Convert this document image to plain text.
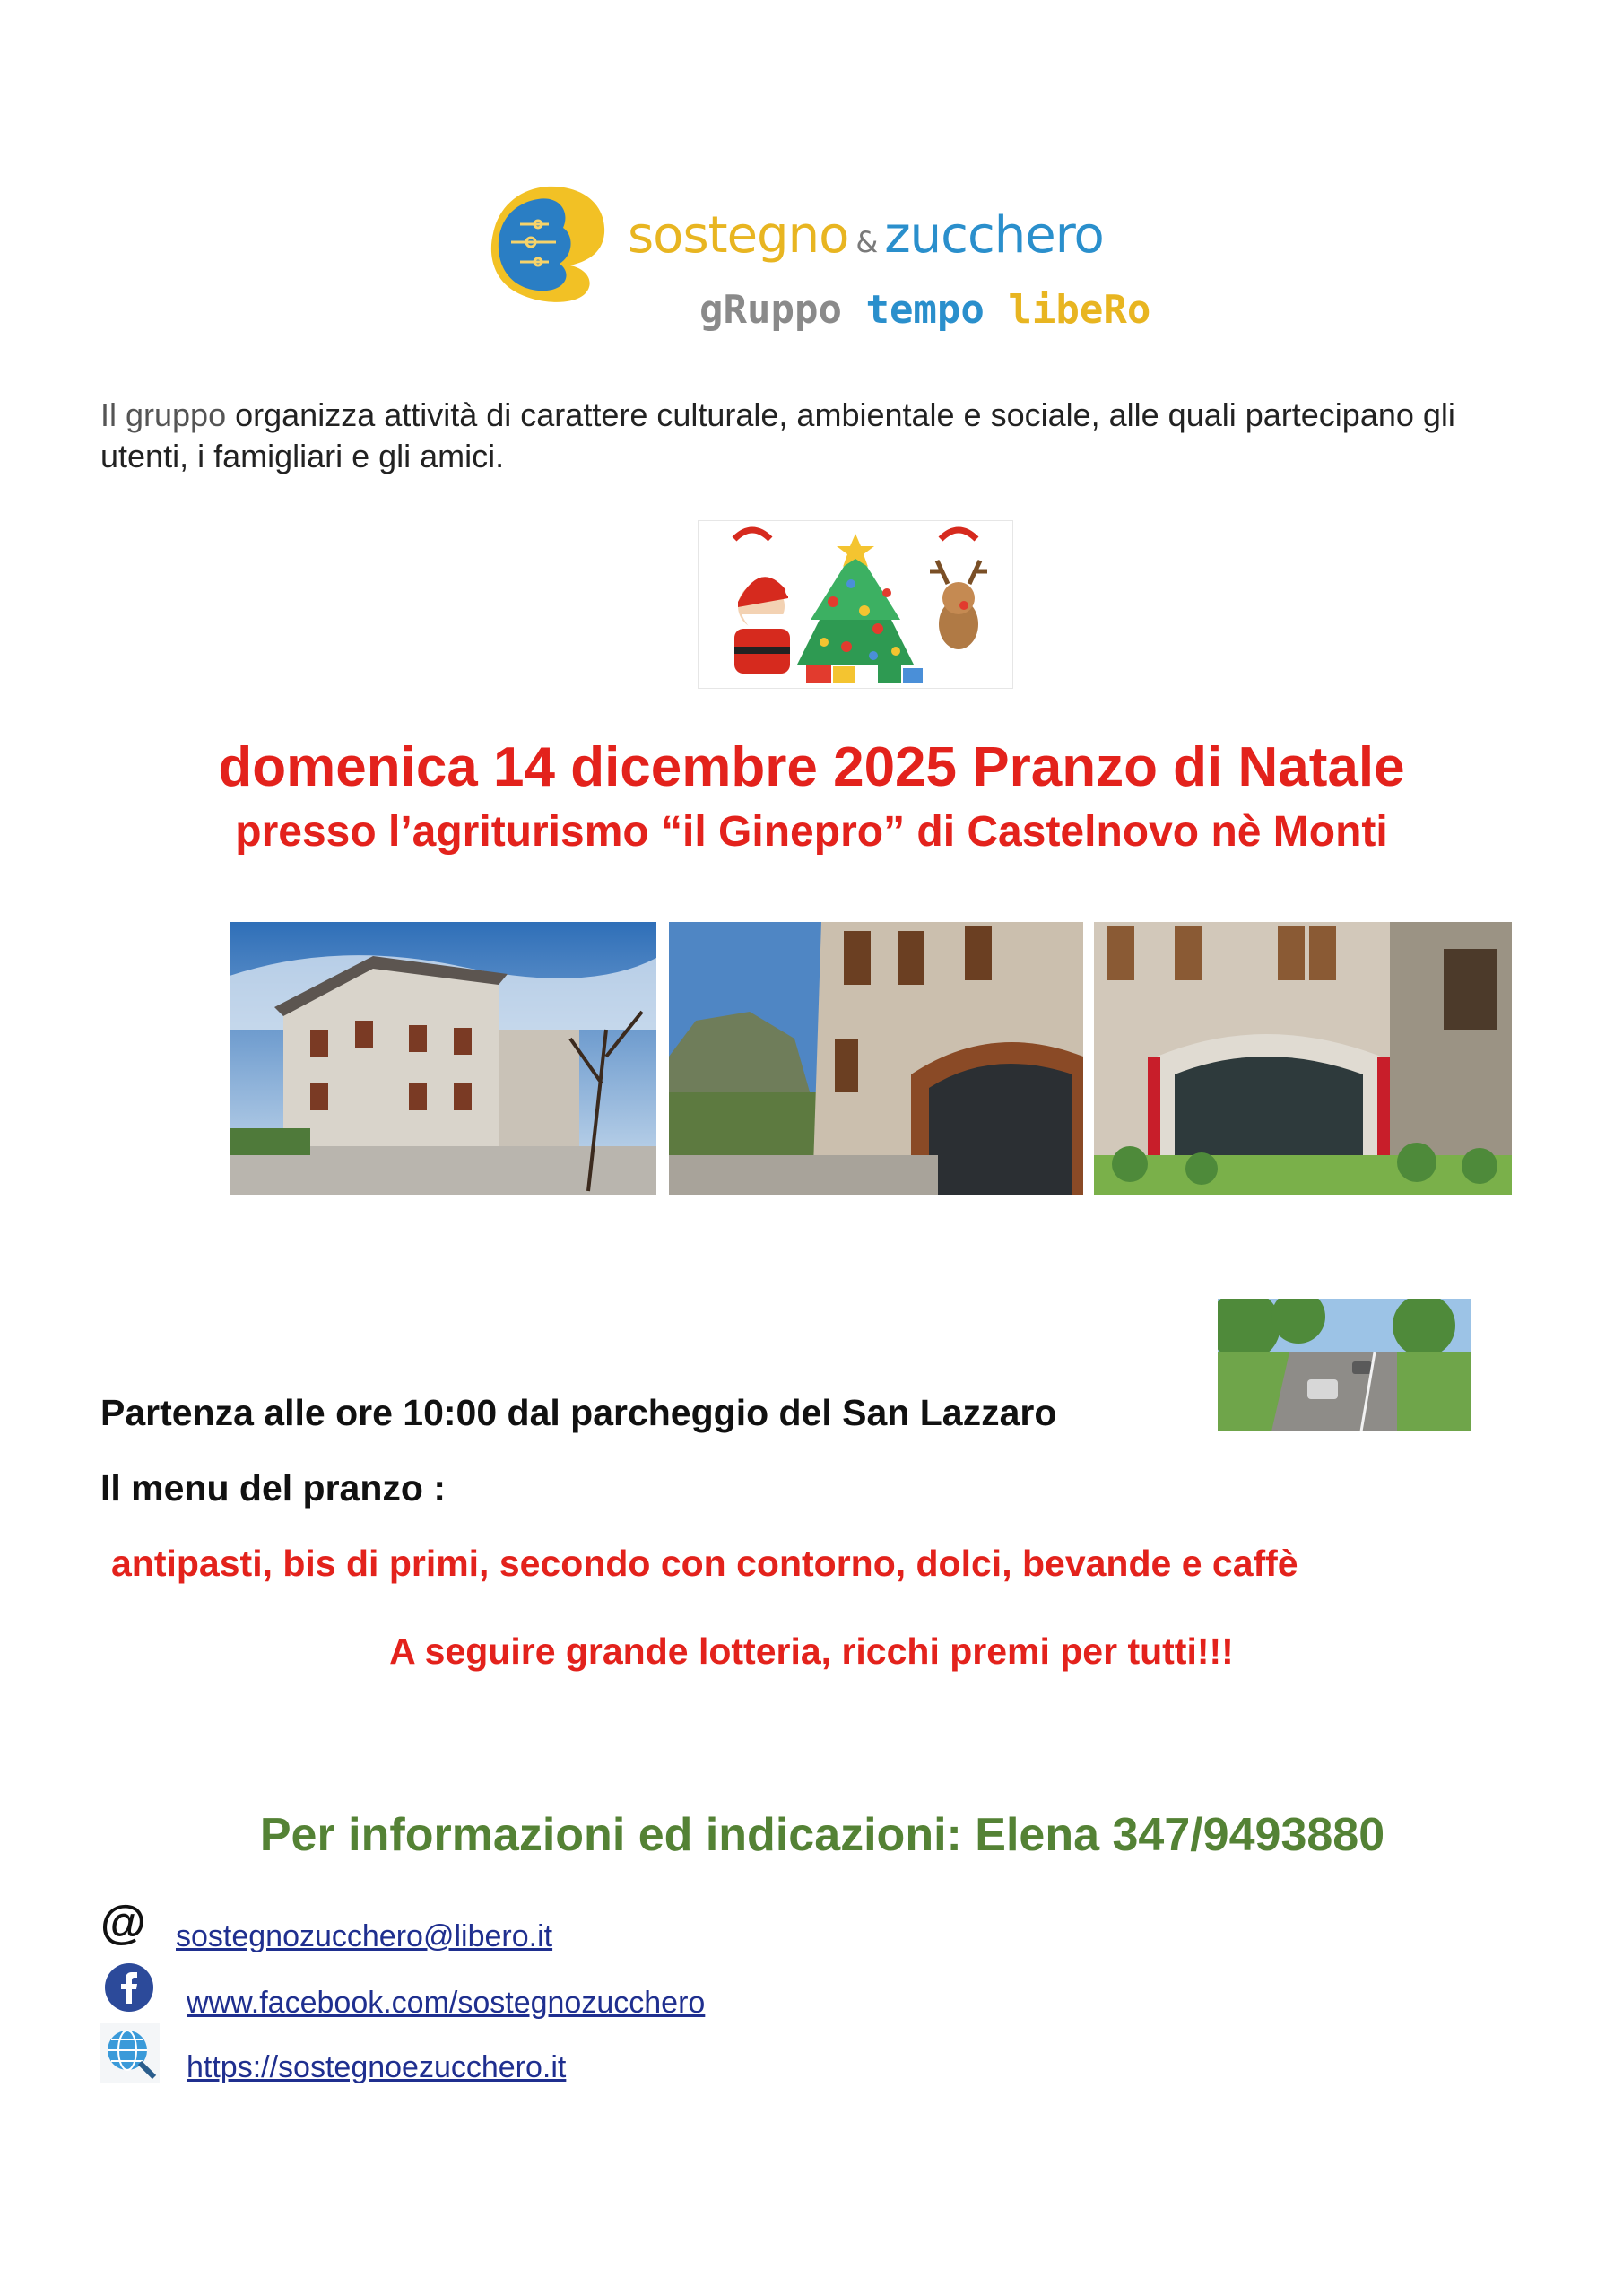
sostegno & zucchero
gRuppo tempo libeRo
Il gruppo organizza attività di carattere culturale, ambientale e sociale, alle quali partecipano gli utenti, i famigliari e gli amici.
domenica 14 dicembre 2025 Pranzo di Natale
presso l’agriturismo “il Ginepro” di Castelnovo nè Monti
Partenza alle ore 10:00 dal parcheggio del San Lazzaro
Il menu del pranzo :
antipasti, bis di primi, secondo con contorno, dolci, bevande e caffè
A seguire grande lotteria, ricchi premi per tutti!!!
Per informazioni ed indicazioni: Elena 347/9493880
@ sostegnozucchero@libero.it
www.facebook.com/sostegnozucchero
https://sostegnoezucchero.it
